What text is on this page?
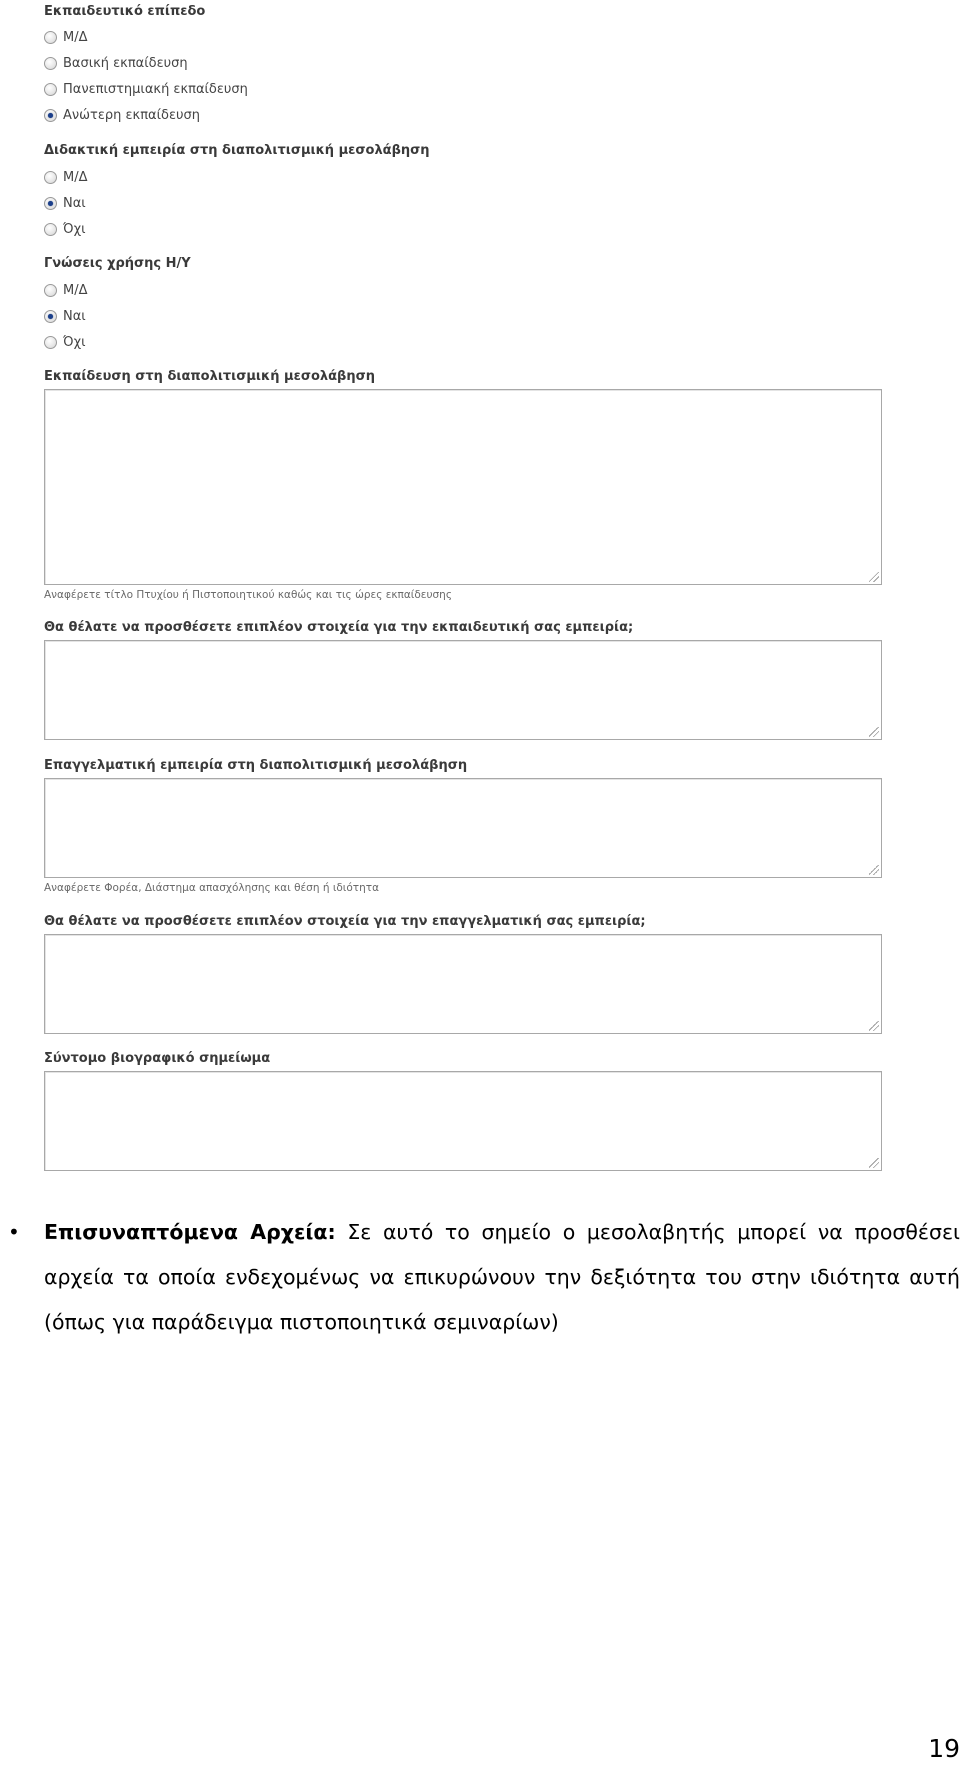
Εκπαιδευτικό επίπεδο
Μ/Δ
Βασική εκπαίδευση
Πανεπιστημιακή εκπαίδευση
Ανώτερη εκπαίδευση
Διδακτική εμπειρία στη διαπολιτισμική μεσολάβηση
Μ/Δ
Ναι
Όχι
Γνώσεις χρήσης Η/Υ
Μ/Δ
Ναι
Όχι
Εκπαίδευση στη διαπολιτισμική μεσολάβηση
Αναφέρετε τίτλο Πτυχίου ή Πιστοποιητικού καθώς και τις ώρες εκπαίδευσης
Θα θέλατε να προσθέσετε επιπλέον στοιχεία για την εκπαιδευτική σας εμπειρία;
Επαγγελματική εμπειρία στη διαπολιτισμική μεσολάβηση
Αναφέρετε Φορέα, Διάστημα απασχόλησης και θέση ή ιδιότητα
Θα θέλατε να προσθέσετε επιπλέον στοιχεία για την επαγγελματική σας εμπειρία;
Σύντομο βιογραφικό σημείωμα
• Επισυναπτόμενα Αρχεία: Σε αυτό το σημείο ο μεσολαβητής μπορεί να προσθέσει αρχεία τα οποία ενδεχομένως να επικυρώνουν την δεξιότητα του στην ιδιότητα αυτή (όπως για παράδειγμα πιστοποιητικά σεμιναρίων)

19
